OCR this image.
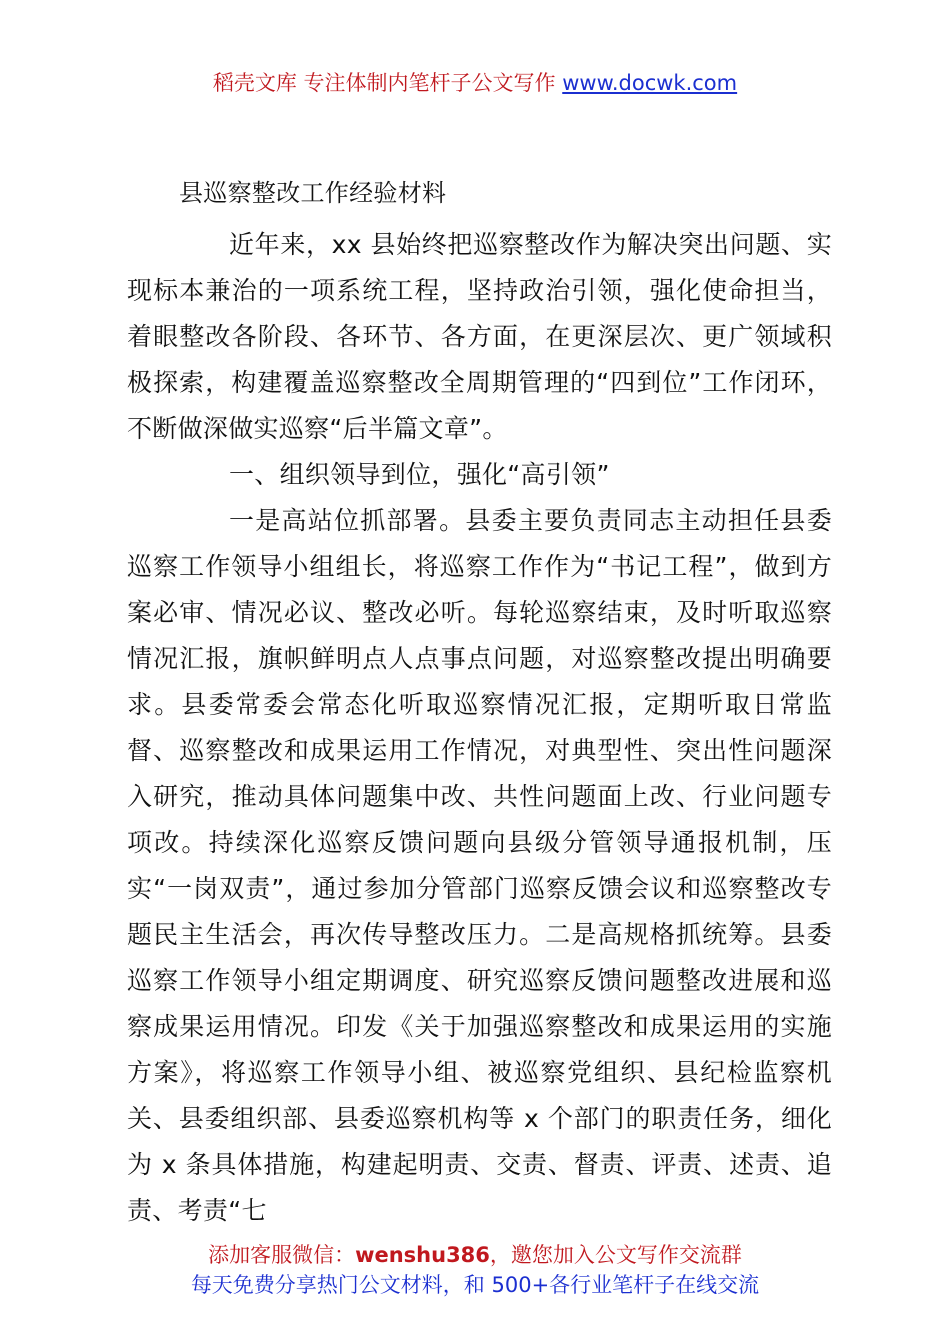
稻壳文库 专注体制内笔杆子公文写作 www.docwk.com

县巡察整改工作经验材料

近年来，xx 县始终把巡察整改作为解决突出问题、实现标本兼治的一项系统工程，坚持政治引领，强化使命担当，着眼整改各阶段、各环节、各方面，在更深层次、更广领域积极探索，构建覆盖巡察整改全周期管理的“四到位”工作闭环，不断做深做实巡察“后半篇文章”。

一、组织领导到位，强化“高引领”

一是高站位抓部署。县委主要负责同志主动担任县委巡察工作领导小组组长，将巡察工作作为“书记工程”，做到方案必审、情况必议、整改必听。每轮巡察结束，及时听取巡察情况汇报，旗帜鲜明点人点事点问题，对巡察整改提出明确要求。县委常委会常态化听取巡察情况汇报，定期听取日常监督、巡察整改和成果运用工作情况，对典型性、突出性问题深入研究，推动具体问题集中改、共性问题面上改、行业问题专项改。持续深化巡察反馈问题向县级分管领导通报机制，压实“一岗双责”，通过参加分管部门巡察反馈会议和巡察整改专题民主生活会，再次传导整改压力。二是高规格抓统筹。县委巡察工作领导小组定期调度、研究巡察反馈问题整改进展和巡察成果运用情况。印发《关于加强巡察整改和成果运用的实施方案》，将巡察工作领导小组、被巡察党组织、县纪检监察机关、县委组织部、县委巡察机构等 x 个部门的职责任务，细化为 x 条具体措施，构建起明责、交责、督责、评责、述责、追责、考责“七

添加客服微信：wenshu386，邀您加入公文写作交流群
每天免费分享热门公文材料，和 500+各行业笔杆子在线交流
